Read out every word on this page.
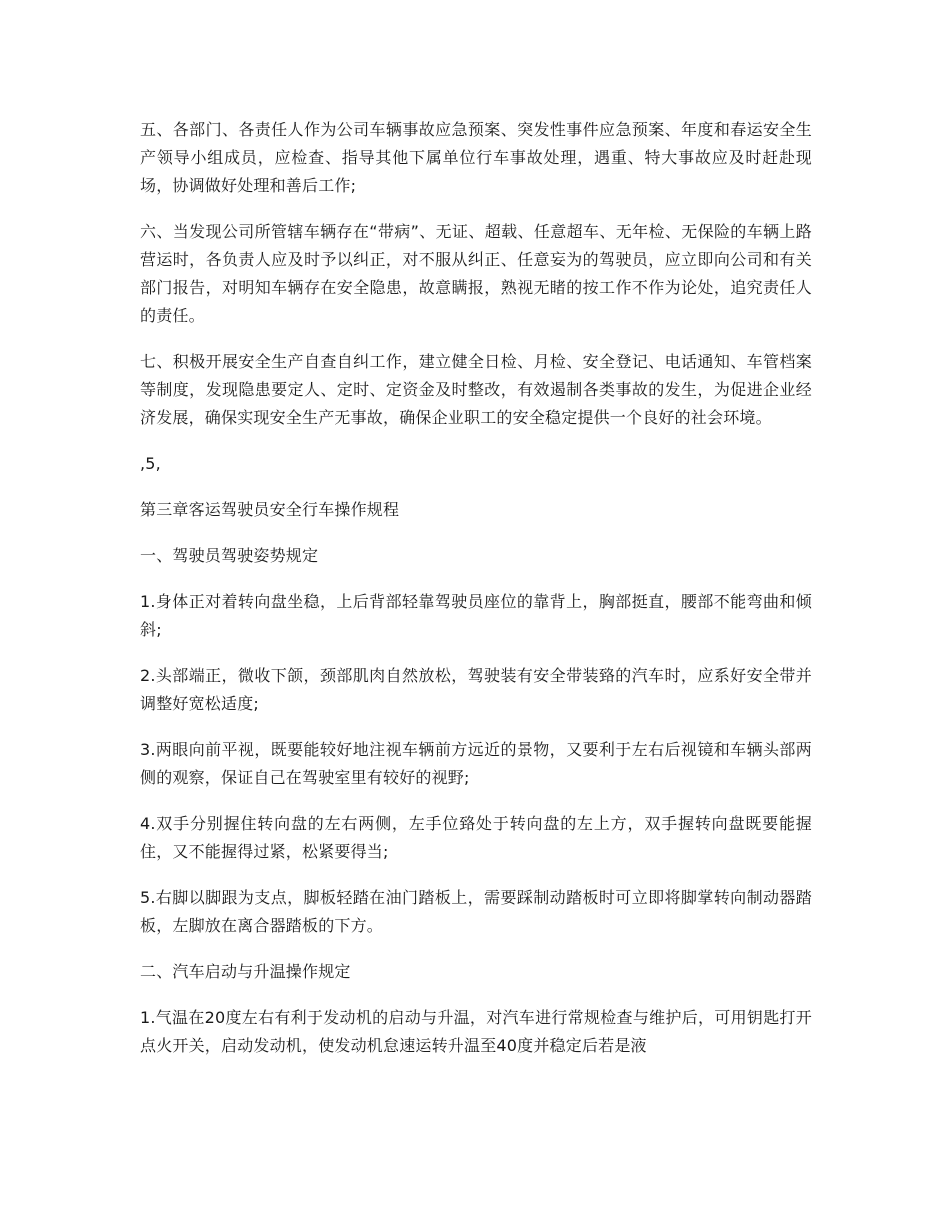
五、各部门、各责任人作为公司车辆事故应急预案、突发性事件应急预案、年度和春运安全生产领导小组成员，应检查、指导其他下属单位行车事故处理，遇重、特大事故应及时赶赴现场，协调做好处理和善后工作;

六、当发现公司所管辖车辆存在“带病”、无证、超载、任意超车、无年检、无保险的车辆上路营运时，各负责人应及时予以纠正，对不服从纠正、任意妄为的驾驶员，应立即向公司和有关部门报告，对明知车辆存在安全隐患，故意瞒报，熟视无睹的按工作不作为论处，追究责任人的责任。

七、积极开展安全生产自查自纠工作，建立健全日检、月检、安全登记、电话通知、车管档案等制度，发现隐患要定人、定时、定资金及时整改，有效遏制各类事故的发生，为促进企业经济发展，确保实现安全生产无事故，确保企业职工的安全稳定提供一个良好的社会环境。

,5,

第三章客运驾驶员安全行车操作规程

一、驾驶员驾驶姿势规定

1.身体正对着转向盘坐稳，上后背部轻靠驾驶员座位的靠背上，胸部挺直，腰部不能弯曲和倾斜;

2.头部端正，微收下颌，颈部肌肉自然放松，驾驶装有安全带装臵的汽车时，应系好安全带并调整好宽松适度;

3.两眼向前平视，既要能较好地注视车辆前方远近的景物，又要利于左右后视镜和车辆头部两侧的观察，保证自己在驾驶室里有较好的视野;

4.双手分别握住转向盘的左右两侧，左手位臵处于转向盘的左上方，双手握转向盘既要能握住，又不能握得过紧，松紧要得当;

5.右脚以脚跟为支点，脚板轻踏在油门踏板上，需要踩制动踏板时可立即将脚掌转向制动器踏板，左脚放在离合器踏板的下方。

二、汽车启动与升温操作规定

1.气温在20度左右有利于发动机的启动与升温，对汽车进行常规检查与维护后，可用钥匙打开点火开关，启动发动机，使发动机怠速运转升温至40度并稳定后若是液
